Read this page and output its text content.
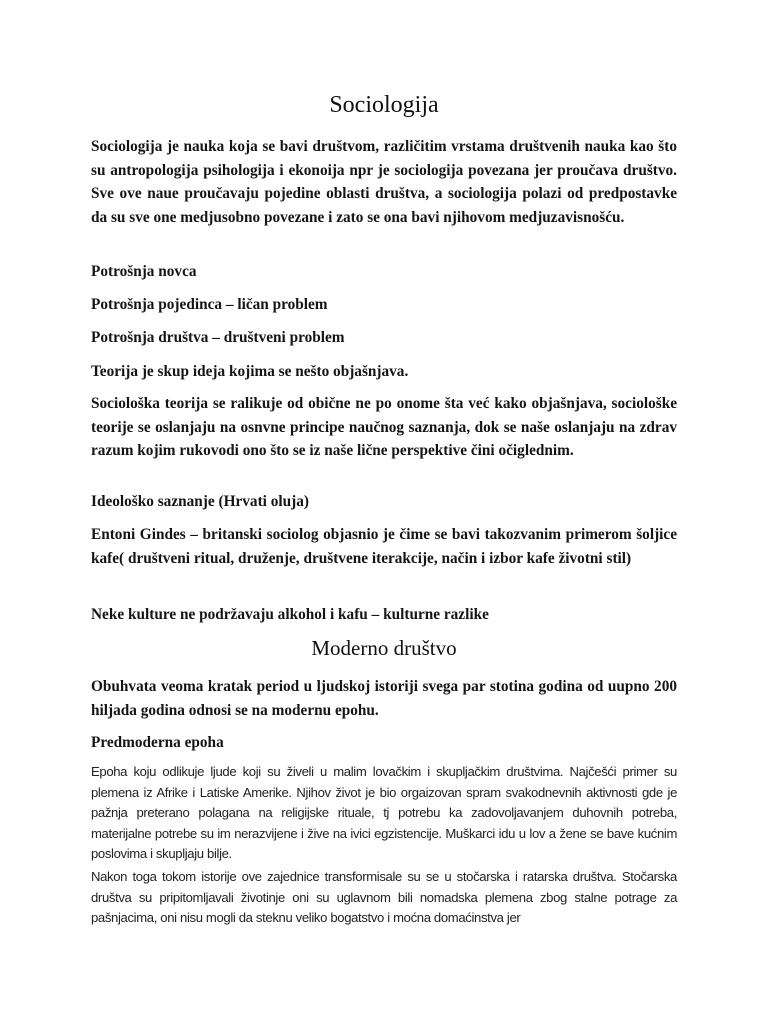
Sociologija

Sociologija je nauka koja se bavi društvom, različitim vrstama društvenih nauka kao što su antropologija psihologija i ekonoija npr je sociologija povezana jer proučava društvo. Sve ove naue proučavaju pojedine oblasti društva, a sociologija polazi od predpostavke da su sve one medjusobno povezane i zato se ona bavi njihovom medjuzavisnošću.

Potrošnja novca

Potrošnja pojedinca – ličan problem

Potrošnja društva – društveni problem

Teorija je skup ideja kojima se nešto objašnjava.

Sociološka teorija se ralikuje od obične ne po onome šta već kako objašnjava, sociološke teorije se oslanjaju na osnvne principe naučnog saznanja, dok se naše oslanjaju na zdrav razum kojim rukovodi ono što se iz naše lične perspektive čini očiglednim.

Ideološko saznanje (Hrvati oluja)

Entoni Gindes – britanski sociolog objasnio je čime se bavi takozvanim primerom šoljice kafe( društveni ritual, druženje, društvene iterakcije, način i izbor kafe životni stil)

Neke kulture ne podržavaju alkohol i kafu – kulturne razlike

Moderno društvo

Obuhvata veoma kratak period u ljudskoj istoriji svega par stotina godina od uupno 200 hiljada godina odnosi se na modernu epohu.

Predmoderna epoha

Epoha koju odlikuje ljude koji su živeli u malim lovačkim i skupljačkim društvima. Najčešći primer su plemena iz Afrike i Latiske Amerike. Njihov život je bio orgaizovan spram svakodnevnih aktivnosti gde je pažnja preterano polagana na religijske rituale, tj potrebu ka zadovoljavanjem duhovnih potreba, materijalne potrebe su im nerazvijene i žive na ivici egzistencije. Muškarci idu u lov a žene se bave kućnim poslovima i skupljaju bilje.

Nakon toga tokom istorije ove zajednice transformisale su se u stočarska i ratarska društva. Stočarska društva su pripitomljavali životinje oni su uglavnom bili nomadska plemena zbog stalne potrage za pašnjacima, oni nisu mogli da steknu veliko bogatstvo i moćna domaćinstva jer
